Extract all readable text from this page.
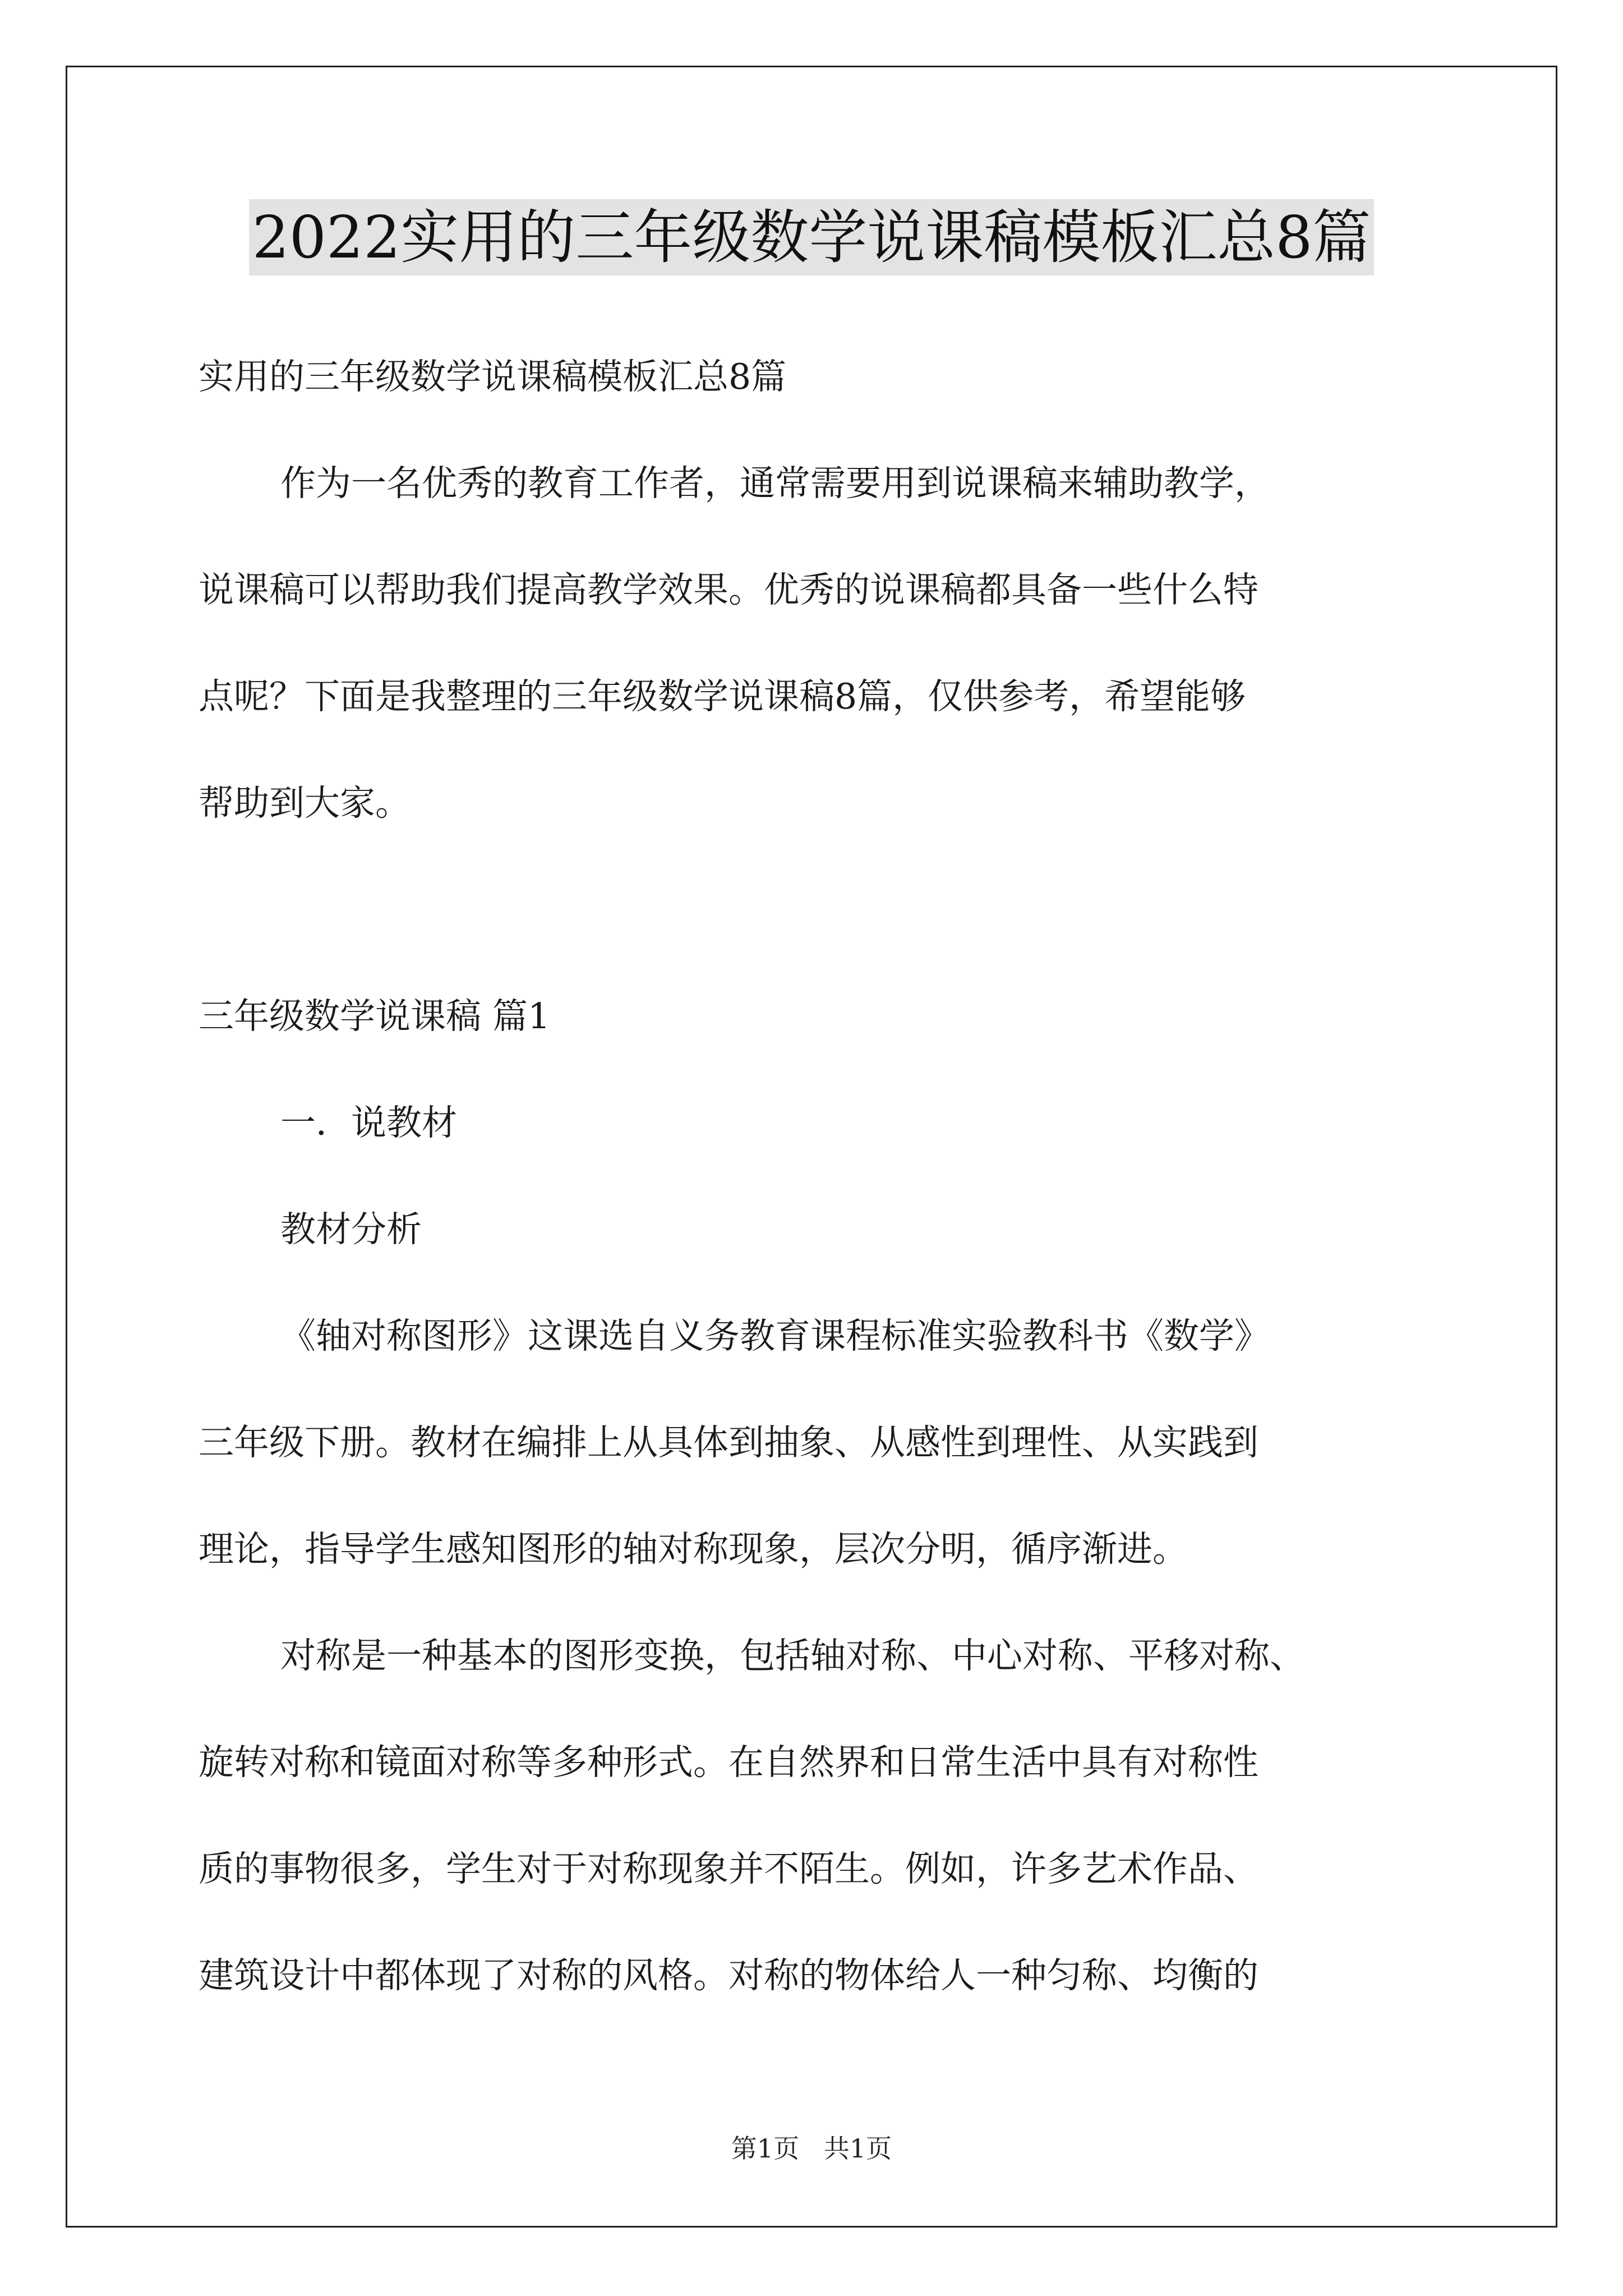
2022实用的三年级数学说课稿模板汇总8篇
实用的三年级数学说课稿模板汇总8篇
作为一名优秀的教育工作者，通常需要用到说课稿来辅助教学，
说课稿可以帮助我们提高教学效果。优秀的说课稿都具备一些什么特
点呢？下面是我整理的三年级数学说课稿8篇，仅供参考，希望能够
帮助到大家。
三年级数学说课稿 篇1
一．说教材
教材分析
《轴对称图形》这课选自义务教育课程标准实验教科书《数学》
三年级下册。教材在编排上从具体到抽象、从感性到理性、从实践到
理论，指导学生感知图形的轴对称现象，层次分明，循序渐进。
对称是一种基本的图形变换，包括轴对称、中心对称、平移对称、
旋转对称和镜面对称等多种形式。在自然界和日常生活中具有对称性
质的事物很多，学生对于对称现象并不陌生。例如，许多艺术作品、
建筑设计中都体现了对称的风格。对称的物体给人一种匀称、均衡的
第1页   共1页
